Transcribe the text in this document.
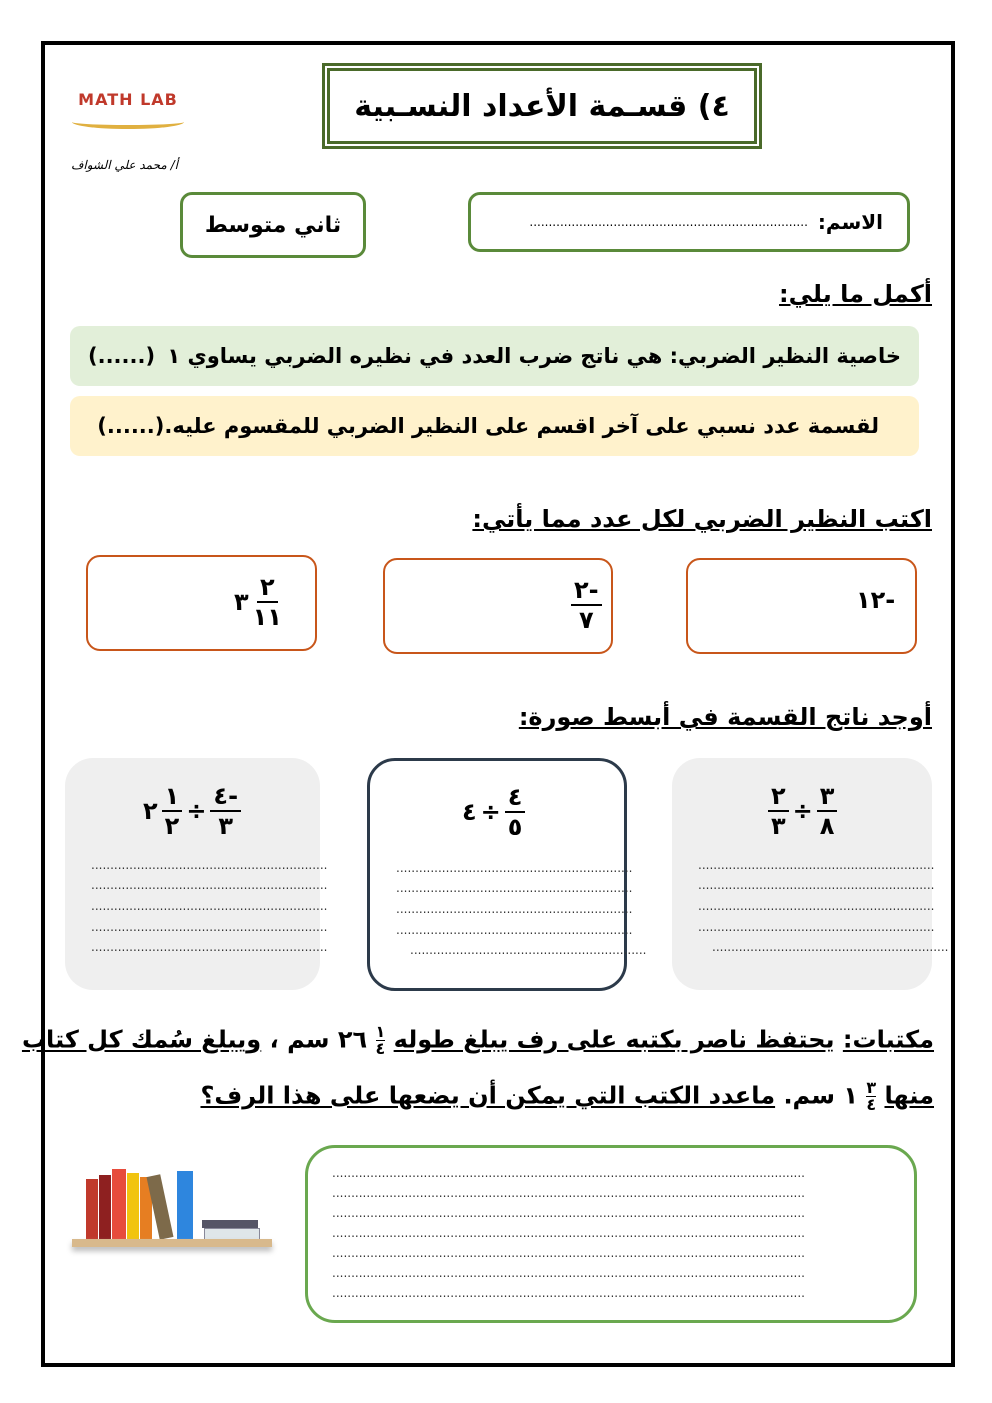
MATH LAB
أ/ محمد علي الشواف
٤) قسـمة الأعداد النسـبية
ثاني متوسط	الاسم:
.........................................................................
أكمل ما يلي:
خاصية النظير الضربي: هي ناتج ضرب العدد في نظيره الضربي يساوي ١
(......)
لقسمة عدد نسبي على آخر اقسم على النظير الضربي للمقسوم عليه.
(......)
اكتب النظير الضربي لكل عدد مما يأتي:
٣ $\frac{٢}{١١}$	$\frac{٢-}{٧}$	١٢-
أوجد ناتج القسمة في أبسط صورة:
٢ $\frac{١}{٢} \div \frac{٤-}{٣}$
..............................................................
..............................................................
..............................................................
..............................................................
..............................................................
٤ ÷ $\frac{٤}{٥}$
..............................................................
..............................................................
..............................................................
..............................................................
..............................................................
$\frac{٢}{٣} \div \frac{٣}{٨}$
..............................................................
..............................................................
..............................................................
..............................................................
..............................................................
مكتبات: يحتفظ ناصر بكتبه على رف يبلغ طوله
١
٤
٢٦ سم ، ويبلغ سُمك كل كتاب
منها
٣
٤
١ سم. ماعدد الكتب التي يمكن أن يضعها على هذا الرف؟
............................................................................................................................
............................................................................................................................
............................................................................................................................
............................................................................................................................
............................................................................................................................
............................................................................................................................
............................................................................................................................
